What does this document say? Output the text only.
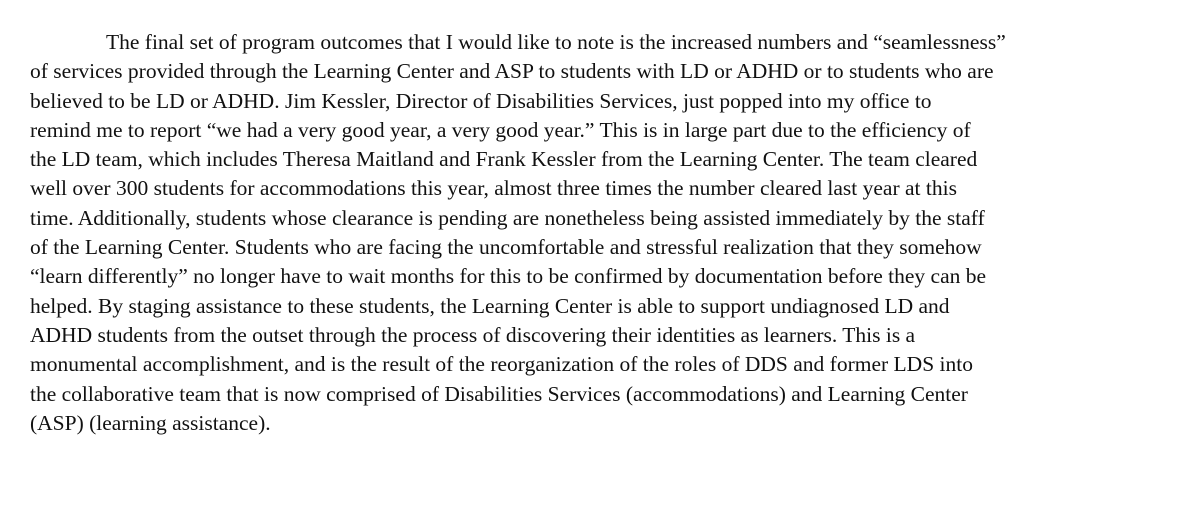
The final set of program outcomes that I would like to note is the increased numbers and “seamlessness”
of services provided through the Learning Center and ASP to students with LD or ADHD or to students who are
believed to be LD or ADHD. Jim Kessler, Director of Disabilities Services, just popped into my office to
remind me to report “we had a very good year, a very good year.” This is in large part due to the efficiency of
the LD team, which includes Theresa Maitland and Frank Kessler from the Learning Center. The team cleared
well over 300 students for accommodations this year, almost three times the number cleared last year at this
time. Additionally, students whose clearance is pending are nonetheless being assisted immediately by the staff
of the Learning Center. Students who are facing the uncomfortable and stressful realization that they somehow
“learn differently” no longer have to wait months for this to be confirmed by documentation before they can be
helped. By staging assistance to these students, the Learning Center is able to support undiagnosed LD and
ADHD students from the outset through the process of discovering their identities as learners. This is a
monumental accomplishment, and is the result of the reorganization of the roles of DDS and former LDS into
the collaborative team that is now comprised of Disabilities Services (accommodations) and Learning Center
(ASP) (learning assistance).
